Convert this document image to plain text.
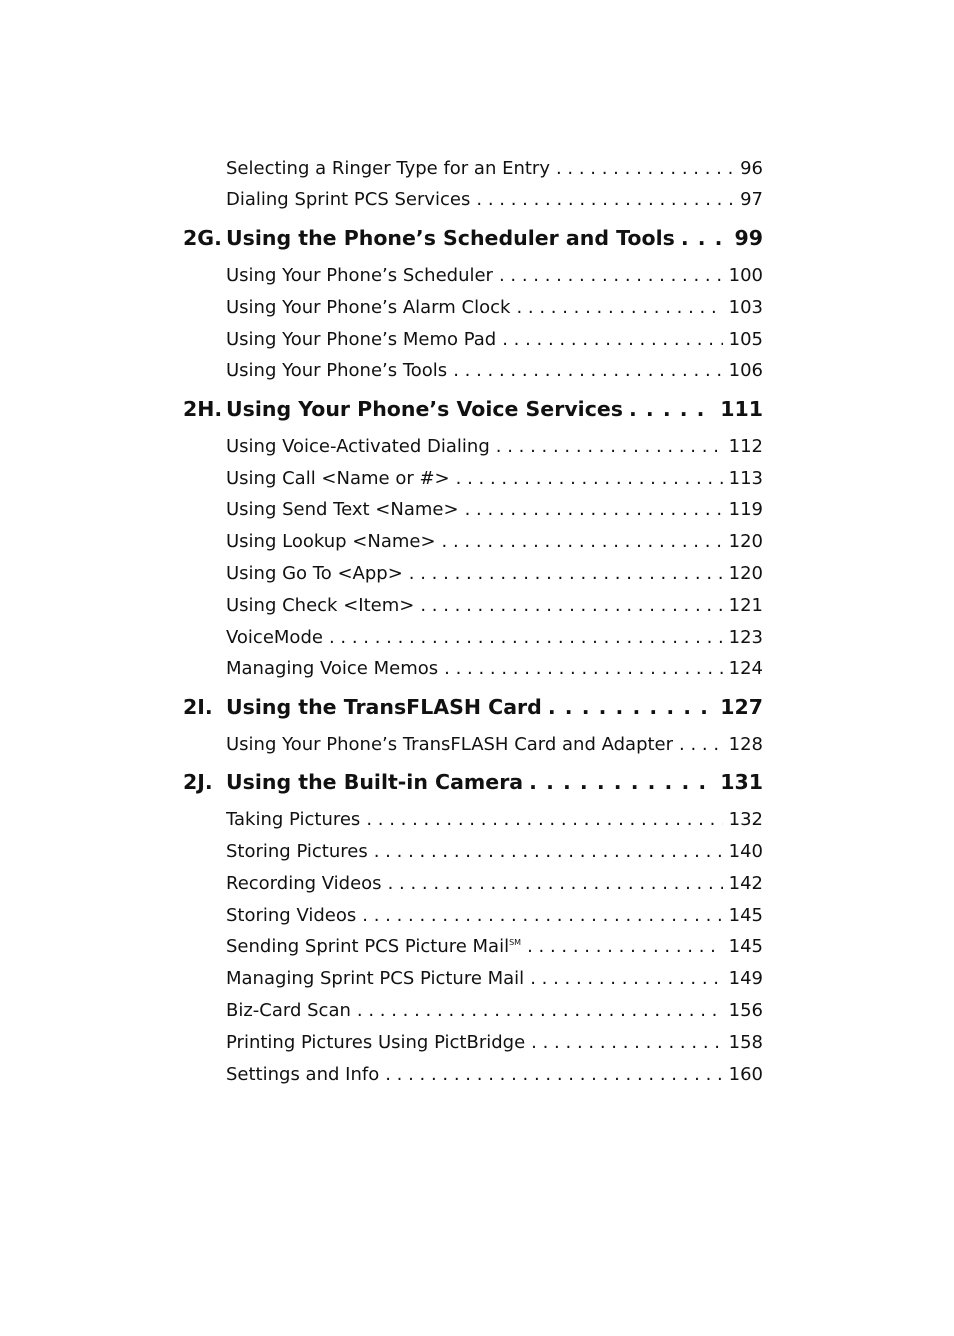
Selecting a Ringer Type for an Entry . . .	96
Dialing Sprint PCS Services . . .	97
2G. Using the Phone’s Scheduler and Tools . . .	99
Using Your Phone’s Scheduler . . .	100
Using Your Phone’s Alarm Clock . . .	103
Using Your Phone’s Memo Pad . . .	105
Using Your Phone’s Tools . . .	106
2H. Using Your Phone’s Voice Services . . .	111
Using Voice-Activated Dialing . . .	112
Using Call <Name or #> . . .	113
Using Send Text <Name> . . .	119
Using Lookup <Name> . . .	120
Using Go To <App> . . .	120
Using Check <Item> . . .	121
VoiceMode . . .	123
Managing Voice Memos . . .	124
2I. Using the TransFLASH Card . . .	127
Using Your Phone’s TransFLASH Card and Adapter . . .	128
2J. Using the Built-in Camera . . .	131
Taking Pictures . . .	132
Storing Pictures . . .	140
Recording Videos . . .	142
Storing Videos . . .	145
Sending Sprint PCS Picture Mail℠ . . .	145
Managing Sprint PCS Picture Mail . . .	149
Biz-Card Scan . . .	156
Printing Pictures Using PictBridge . . .	158
Settings and Info . . .	160
